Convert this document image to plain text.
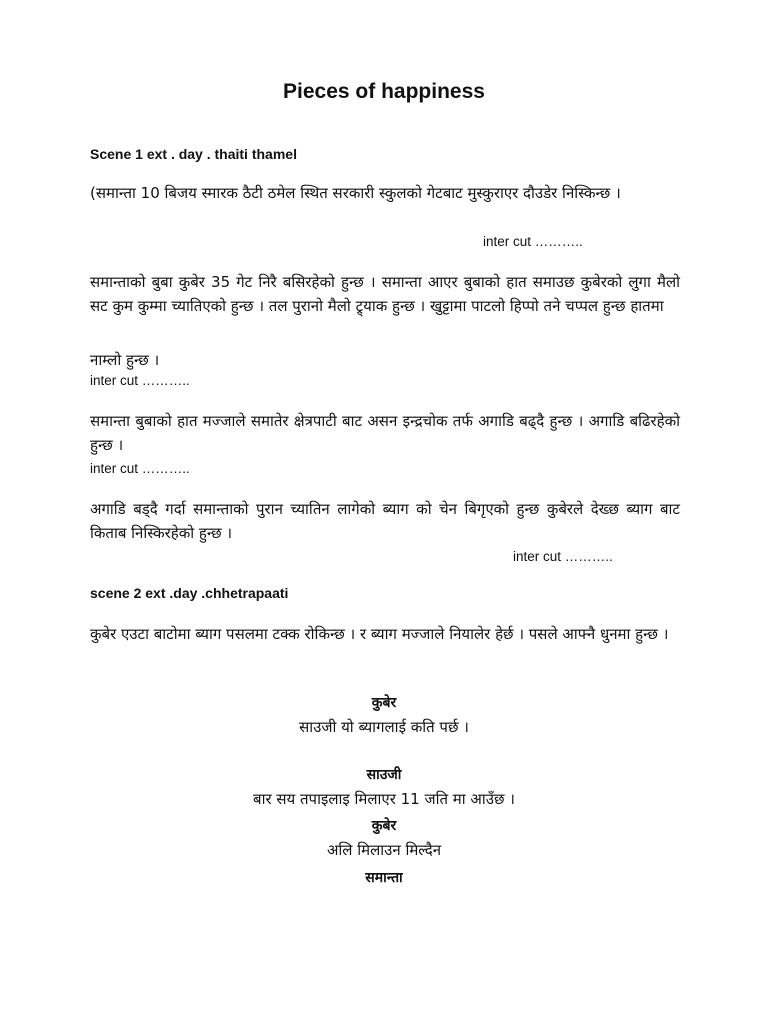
Pieces of happiness
Scene 1 ext . day . thaiti thamel
(समान्ता 10 बिजय स्मारक ठैटी ठमेल स्थित सरकारी स्कुलको गेटबाट मुस्कुराएर दौउडेर निस्किन्छ ।
inter cut ………..
समान्ताको बुबा कुबेर 35 गेट निरै बसिरहेको हुन्छ । समान्ता आएर बुबाको हात समाउछ कुबेरको लुगा मैलो सट कुम कुम्मा च्यातिएको हुन्छ । तल पुरानो मैलो ट्र्याक हुन्छ । खुट्टामा पाटलो हिप्पो तने चप्पल हुन्छ हातमा
नाम्लो हुन्छ ।
inter cut ………..
समान्ता बुबाको हात मज्जाले समातेर क्षेत्रपाटी बाट असन इन्द्रचोक तर्फ अगाडि बढ्दै हुन्छ । अगाडि बढिरहेको हुन्छ ।
inter cut ………..
अगाडि बड्दै गर्दा समान्ताको पुरान च्यातिन लागेको ब्याग को चेन बिगृएको हुन्छ कुबेरले देख्छ ब्याग बाट किताब निस्किरहेको हुन्छ ।
inter cut ………..
scene 2 ext .day .chhetrapaati
कुबेर एउटा बाटोमा ब्याग पसलमा टक्क रोकिन्छ । र ब्याग मज्जाले नियालेर हेर्छ । पसले आफ्नै धुनमा हुन्छ ।
कुबेर
साउजी यो ब्यागलाई कति पर्छ ।
साउजी
बार सय तपाइलाइ मिलाएर 11 जति मा आउँछ ।
कुबेर
अलि मिलाउन मिल्दैन
समान्ता
